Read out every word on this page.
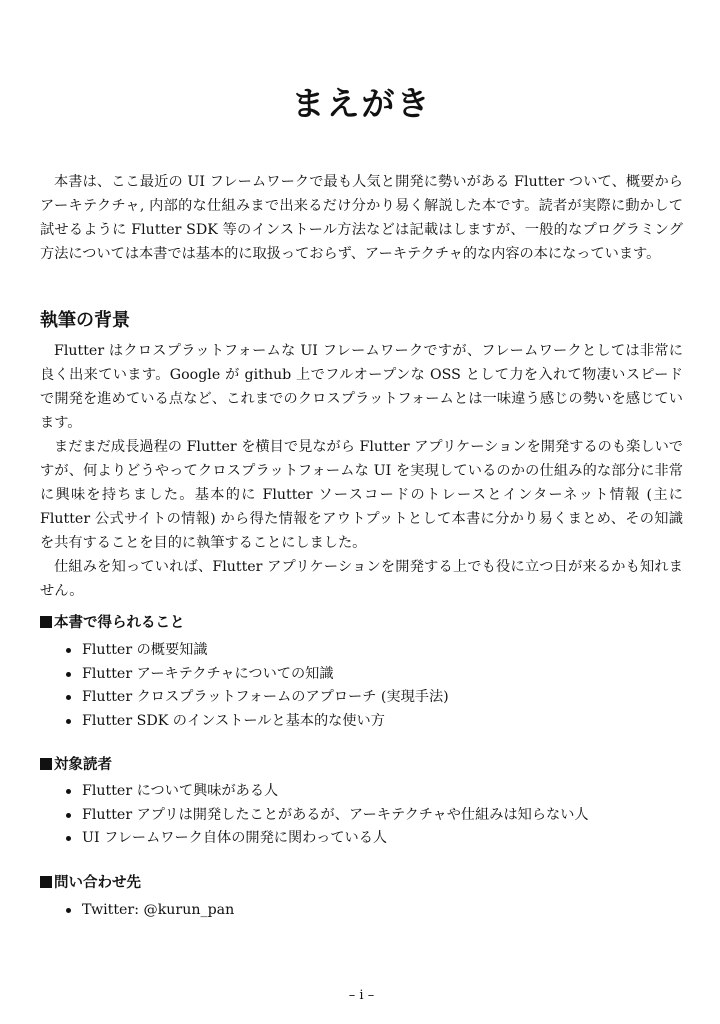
まえがき

本書は、ここ最近の UI フレームワークで最も人気と開発に勢いがある Flutter ついて、概要からアーキテクチャ, 内部的な仕組みまで出来るだけ分かり易く解説した本です。読者が実際に動かして試せるように Flutter SDK 等のインストール方法などは記載はしますが、一般的なプログラミング方法については本書では基本的に取扱っておらず、アーキテクチャ的な内容の本になっています。

執筆の背景

Flutter はクロスプラットフォームな UI フレームワークですが、フレームワークとしては非常に良く出来ています。Google が github 上でフルオープンな OSS として力を入れて物凄いスピードで開発を進めている点など、これまでのクロスプラットフォームとは一味違う感じの勢いを感じています。

まだまだ成長過程の Flutter を横目で見ながら Flutter アプリケーションを開発するのも楽しいですが、何よりどうやってクロスプラットフォームな UI を実現しているのかの仕組み的な部分に非常に興味を持ちました。基本的に Flutter ソースコードのトレースとインターネット情報 (主に Flutter 公式サイトの情報) から得た情報をアウトプットとして本書に分かり易くまとめ、その知識を共有することを目的に執筆することにしました。

仕組みを知っていれば、Flutter アプリケーションを開発する上でも役に立つ日が来るかも知れません。

本書で得られること
Flutter の概要知識
Flutter アーキテクチャについての知識
Flutter クロスプラットフォームのアプローチ (実現手法)
Flutter SDK のインストールと基本的な使い方
対象読者
Flutter について興味がある人
Flutter アプリは開発したことがあるが、アーキテクチャや仕組みは知らない人
UI フレームワーク自体の開発に関わっている人
問い合わせ先
Twitter: @kurun_pan
– i –
